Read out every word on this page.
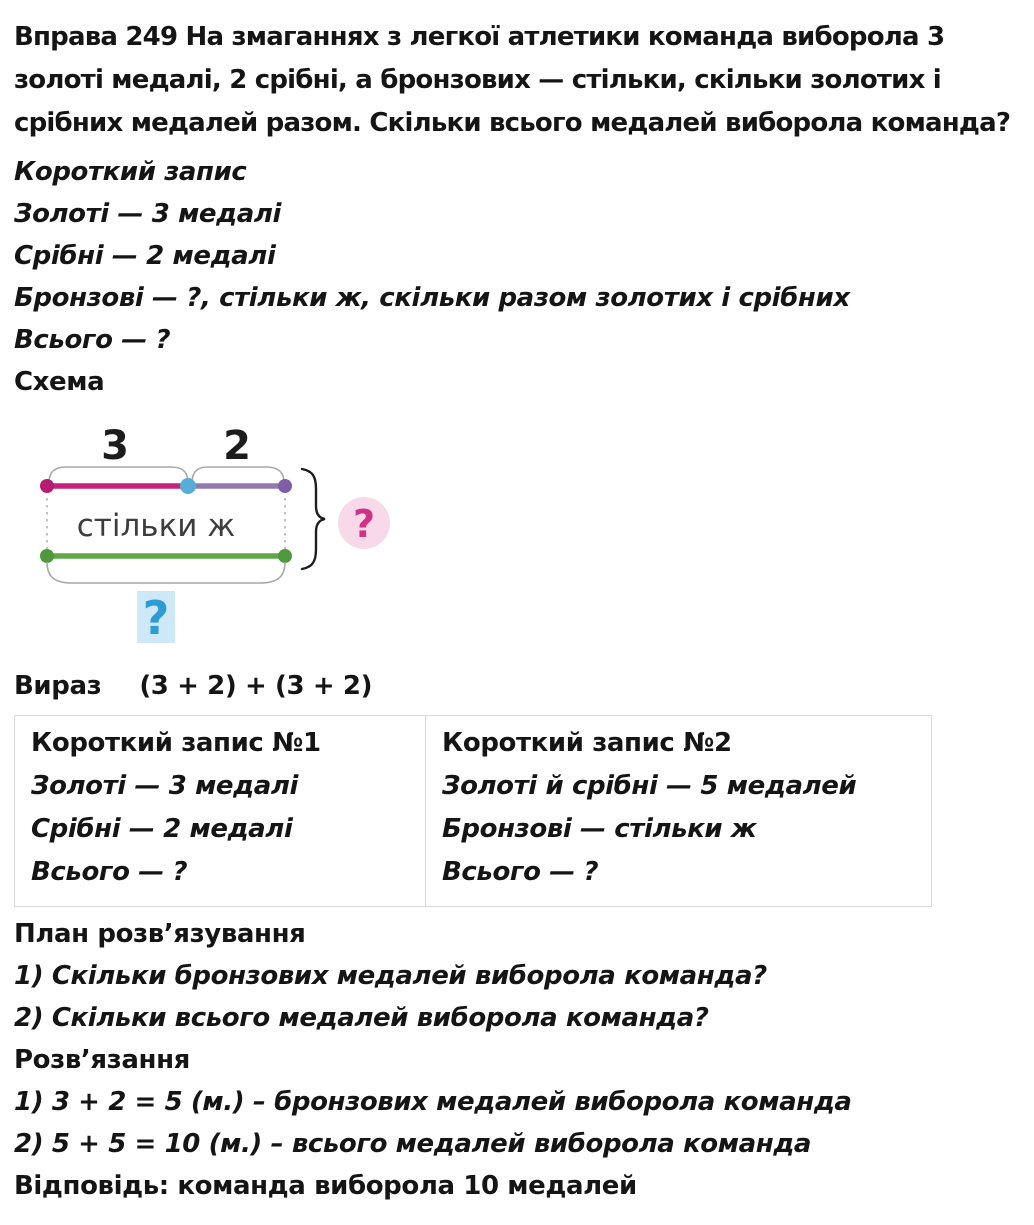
Вправа 249 На змаганнях з легкої атлетики команда виборола 3 золоті медалі, 2 срібні, а бронзових — стільки, скільки золотих і срібних медалей разом. Скільки всього медалей виборола команда?

Короткий запис
Золоті — 3 медалі
Срібні — 2 медалі
Бронзові — ?, стільки ж, скільки разом золотих і срібних
Всього — ?
Схема
3 2
стільки ж	?
?
Вираз (3 + 2) + (3 + 2)
Короткий запис №1
Золоті — 3 медалі
Срібні — 2 медалі
Всього — ?

Короткий запис №2
Золоті й срібні — 5 медалей
Бронзові — стільки ж
Всього — ?
План розв’язування
1) Скільки бронзових медалей виборола команда?
2) Скільки всього медалей виборола команда?
Розв’язання
1) 3 + 2 = 5 (м.) – бронзових медалей виборола команда
2) 5 + 5 = 10 (м.) – всього медалей виборола команда
Відповідь: команда виборола 10 медалей
